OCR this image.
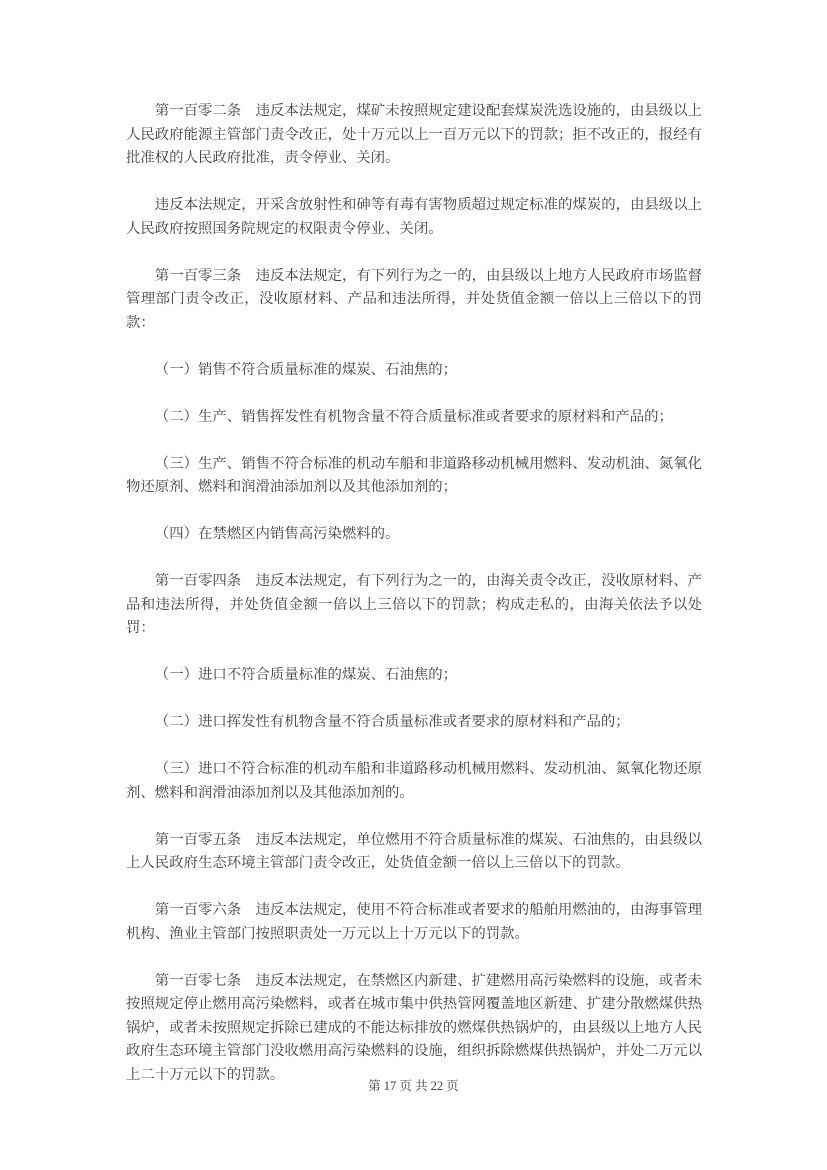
第一百零二条　违反本法规定，煤矿未按照规定建设配套煤炭洗选设施的，由县级以上人民政府能源主管部门责令改正，处十万元以上一百万元以下的罚款；拒不改正的，报经有批准权的人民政府批准，责令停业、关闭。

违反本法规定，开采含放射性和砷等有毒有害物质超过规定标准的煤炭的，由县级以上人民政府按照国务院规定的权限责令停业、关闭。

第一百零三条　违反本法规定，有下列行为之一的，由县级以上地方人民政府市场监督管理部门责令改正，没收原材料、产品和违法所得，并处货值金额一倍以上三倍以下的罚款：

（一）销售不符合质量标准的煤炭、石油焦的；

（二）生产、销售挥发性有机物含量不符合质量标准或者要求的原材料和产品的；

（三）生产、销售不符合标准的机动车船和非道路移动机械用燃料、发动机油、氮氧化物还原剂、燃料和润滑油添加剂以及其他添加剂的；

（四）在禁燃区内销售高污染燃料的。

第一百零四条　违反本法规定，有下列行为之一的，由海关责令改正，没收原材料、产品和违法所得，并处货值金额一倍以上三倍以下的罚款；构成走私的，由海关依法予以处罚：

（一）进口不符合质量标准的煤炭、石油焦的；

（二）进口挥发性有机物含量不符合质量标准或者要求的原材料和产品的；

（三）进口不符合标准的机动车船和非道路移动机械用燃料、发动机油、氮氧化物还原剂、燃料和润滑油添加剂以及其他添加剂的。

第一百零五条　违反本法规定，单位燃用不符合质量标准的煤炭、石油焦的，由县级以上人民政府生态环境主管部门责令改正，处货值金额一倍以上三倍以下的罚款。

第一百零六条　违反本法规定，使用不符合标准或者要求的船舶用燃油的，由海事管理机构、渔业主管部门按照职责处一万元以上十万元以下的罚款。

第一百零七条　违反本法规定，在禁燃区内新建、扩建燃用高污染燃料的设施，或者未按照规定停止燃用高污染燃料，或者在城市集中供热管网覆盖地区新建、扩建分散燃煤供热锅炉，或者未按照规定拆除已建成的不能达标排放的燃煤供热锅炉的，由县级以上地方人民政府生态环境主管部门没收燃用高污染燃料的设施，组织拆除燃煤供热锅炉，并处二万元以上二十万元以下的罚款。

第 17 页 共 22 页
